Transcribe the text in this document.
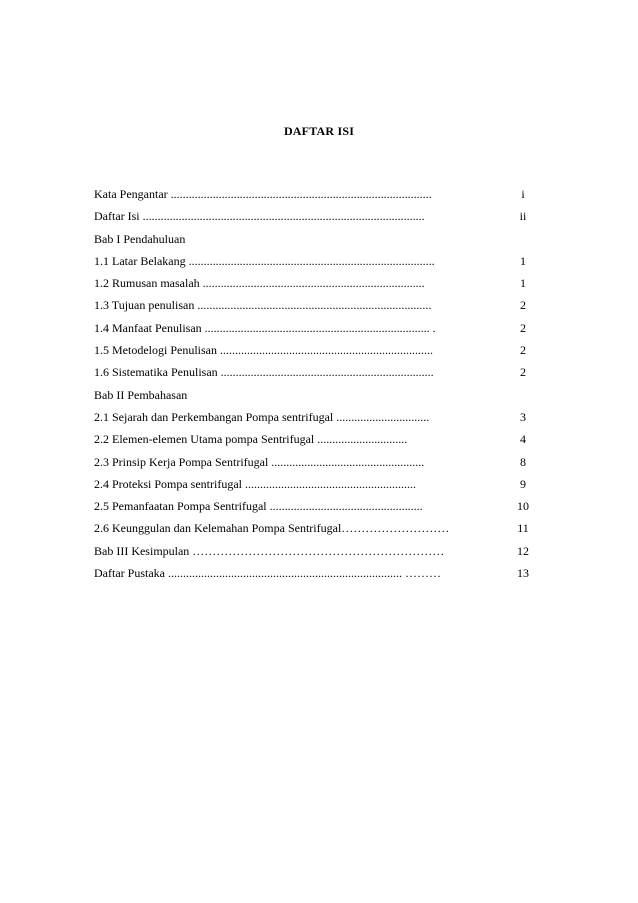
DAFTAR ISI
Kata Pengantar .......................................................................................	i
Daftar Isi ..............................................................................................	ii
Bab I Pendahuluan
1.1 Latar Belakang ..................................................................................	1
1.2 Rumusan masalah ..........................................................................	1
1.3 Tujuan penulisan ..............................................................................	2
1.4 Manfaat Penulisan ........................................................................... .	2
1.5 Metodelogi Penulisan .......................................................................	2
1.6 Sistematika Penulisan .......................................................................	2
Bab II Pembahasan
2.1 Sejarah dan Perkembangan Pompa sentrifugal ...............................	3
2.2 Elemen-elemen Utama pompa Sentrifugal ..............................	4
2.3 Prinsip Kerja Pompa Sentrifugal ...................................................	8
2.4 Proteksi Pompa sentrifugal .........................................................	9
2.5 Pemanfaatan Pompa Sentrifugal ...................................................	10
2.6 Keunggulan dan Kelemahan Pompa Sentrifugal………………………	11
Bab III Kesimpulan ………………………………………………………	12
Daftar Pustaka .............................................................................. ………	13
